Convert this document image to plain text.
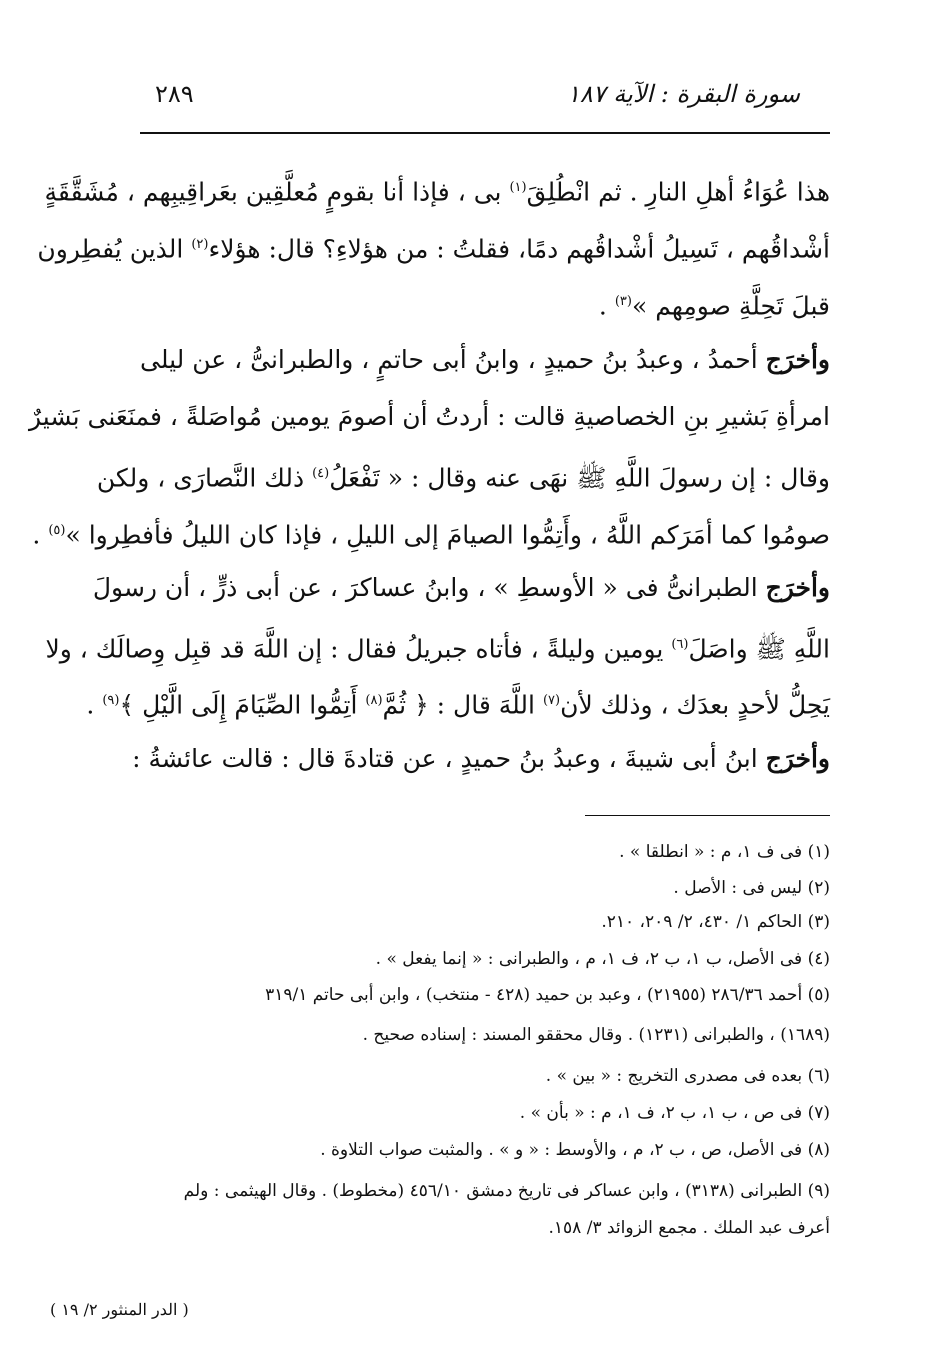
٢٨٩	سورة البقرة : الآية ١٨٧
هذا عُوَاءُ أهلِ النارِ . ثم انْطُلِقَ$^{(١)}$ بى ، فإذا أنا بقومٍ مُعلَّقِين بعَراقِيبِهم ، مُشَقَّقَةٍ
أشْداقُهم ، تَسِيلُ أشْداقُهم دمًا، فقلتُ : من هؤلاءِ؟ قال: هؤلاء$^{(٢)}$ الذين يُفطِرون
قبلَ تَحِلَّةِ صومِهم »$^{(٣)}$ .
وأخرَج أحمدُ ، وعبدُ بنُ حميدٍ ، وابنُ أبى حاتمٍ ، والطبرانىُّ ، عن ليلى
امرأةِ بَشيرِ بنِ الخصاصيةِ قالت : أردتُ أن أصومَ يومين مُواصَلةً ، فمنَعَنى بَشيرٌ
وقال : إن رسولَ اللَّهِ ﷺ نهَى عنه وقال : « تَفْعَلُ$^{(٤)}$ ذلك النَّصارَى ، ولكن
صومُوا كما أمَرَكم اللَّهُ ، وأَتِمُّوا الصيامَ إلى الليلِ ، فإذا كان الليلُ فأفطِروا »$^{(٥)}$ .
وأخرَج الطبرانىُّ فى « الأوسطِ » ، وابنُ عساكرَ ، عن أبى ذرٍّ ، أن رسولَ
اللَّهِ ﷺ واصَلَ$^{(٦)}$ يومين وليلةً ، فأتاه جبريلُ فقال : إن اللَّهَ قد قبِل وِصالَك ، ولا
يَحِلُّ لأحدٍ بعدَك ، وذلك لأن$^{(٧)}$ اللَّهَ قال : ﴿ ثُمَّ$^{(٨)}$ أَتِمُّوا الصِّيَامَ إِلَى الَّيْلِ ﴾$^{(٩)}$ .
وأخرَج ابنُ أبى شيبةَ ، وعبدُ بنُ حميدٍ ، عن قتادةَ قال : قالت عائشةُ :
(١) فى ف ١، م : « انطلقا » .
(٢) ليس فى : الأصل .
(٣) الحاكم ١/ ٤٣٠، ٢/ ٢٠٩، ٢١٠.
(٤) فى الأصل، ب ١، ب ٢، ف ١، م ، والطبرانى : « إنما يفعل » .
(٥) أحمد ٢٨٦/٣٦ (٢١٩٥٥) ، وعبد بن حميد (٤٢٨ - منتخب) ، وابن أبى حاتم ٣١٩/١
(١٦٨٩) ، والطبرانى (١٢٣١) . وقال محققو المسند : إسناده صحيح .
(٦) بعده فى مصدرى التخريج : « بين » .
(٧) فى ص ، ب ١، ب ٢، ف ١، م : « بأن » .
(٨) فى الأصل، ص ، ب ٢، م ، والأوسط : « و » . والمثبت صواب التلاوة .
(٩) الطبرانى (٣١٣٨) ، وابن عساكر فى تاريخ دمشق ٤٥٦/١٠ (مخطوط) . وقال الهيثمى : ولم
أعرف عبد الملك . مجمع الزوائد ٣/ ١٥٨.
( الدر المنثور ٢/ ١٩ )
